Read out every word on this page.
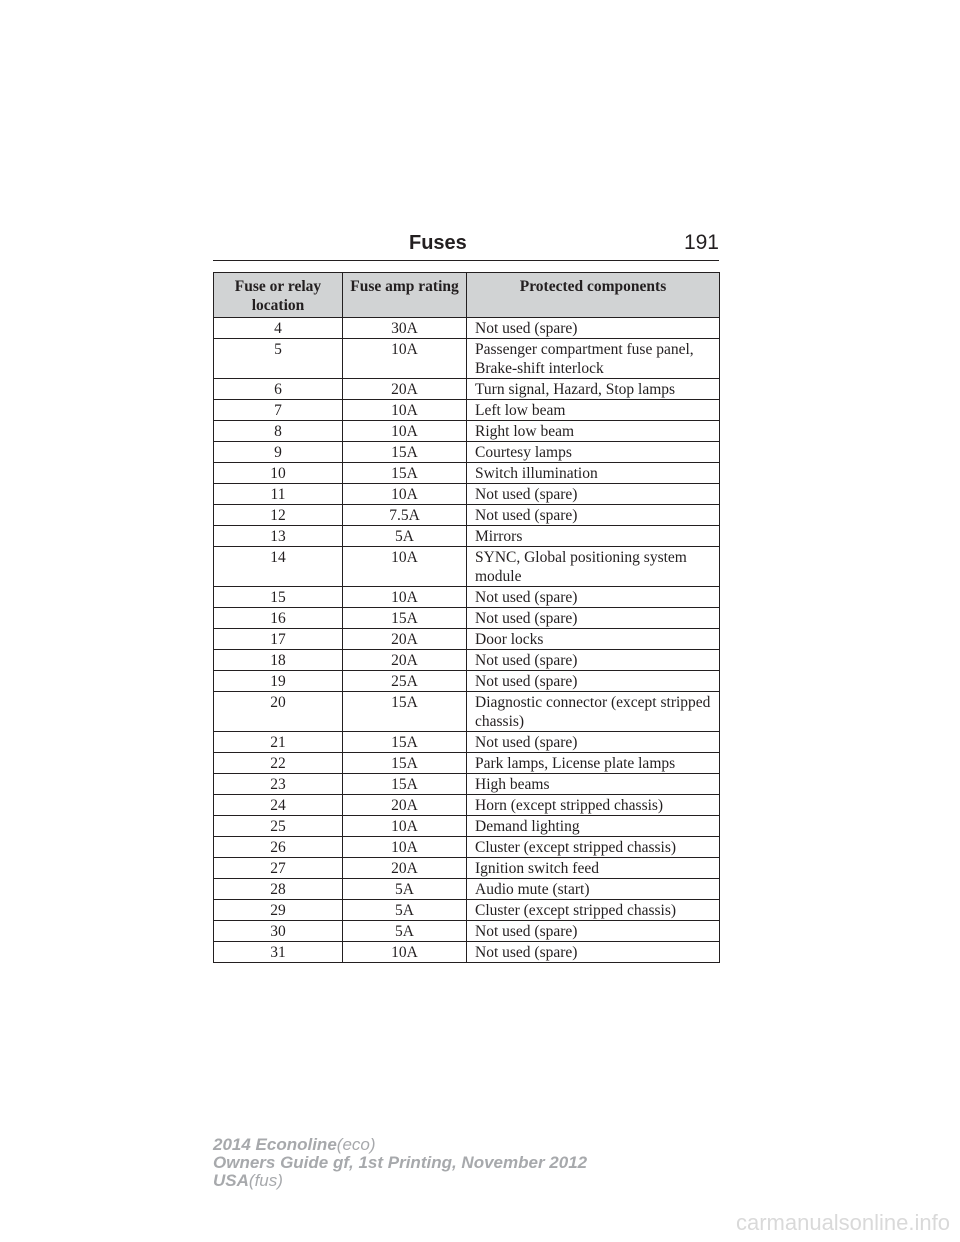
Fuses	191
Fuse or relay location	Fuse amp rating	Protected components
4	30A	Not used (spare)
5	10A	Passenger compartment fuse panel, Brake-shift interlock
6	20A	Turn signal, Hazard, Stop lamps
7	10A	Left low beam
8	10A	Right low beam
9	15A	Courtesy lamps
10	15A	Switch illumination
11	10A	Not used (spare)
12	7.5A	Not used (spare)
13	5A	Mirrors
14	10A	SYNC, Global positioning system module
15	10A	Not used (spare)
16	15A	Not used (spare)
17	20A	Door locks
18	20A	Not used (spare)
19	25A	Not used (spare)
20	15A	Diagnostic connector (except stripped chassis)
21	15A	Not used (spare)
22	15A	Park lamps, License plate lamps
23	15A	High beams
24	20A	Horn (except stripped chassis)
25	10A	Demand lighting
26	10A	Cluster (except stripped chassis)
27	20A	Ignition switch feed
28	5A	Audio mute (start)
29	5A	Cluster (except stripped chassis)
30	5A	Not used (spare)
31	10A	Not used (spare)
2014 Econoline(eco)
Owners Guide gf, 1st Printing, November 2012
USA(fus)
carmanualsonline.info
